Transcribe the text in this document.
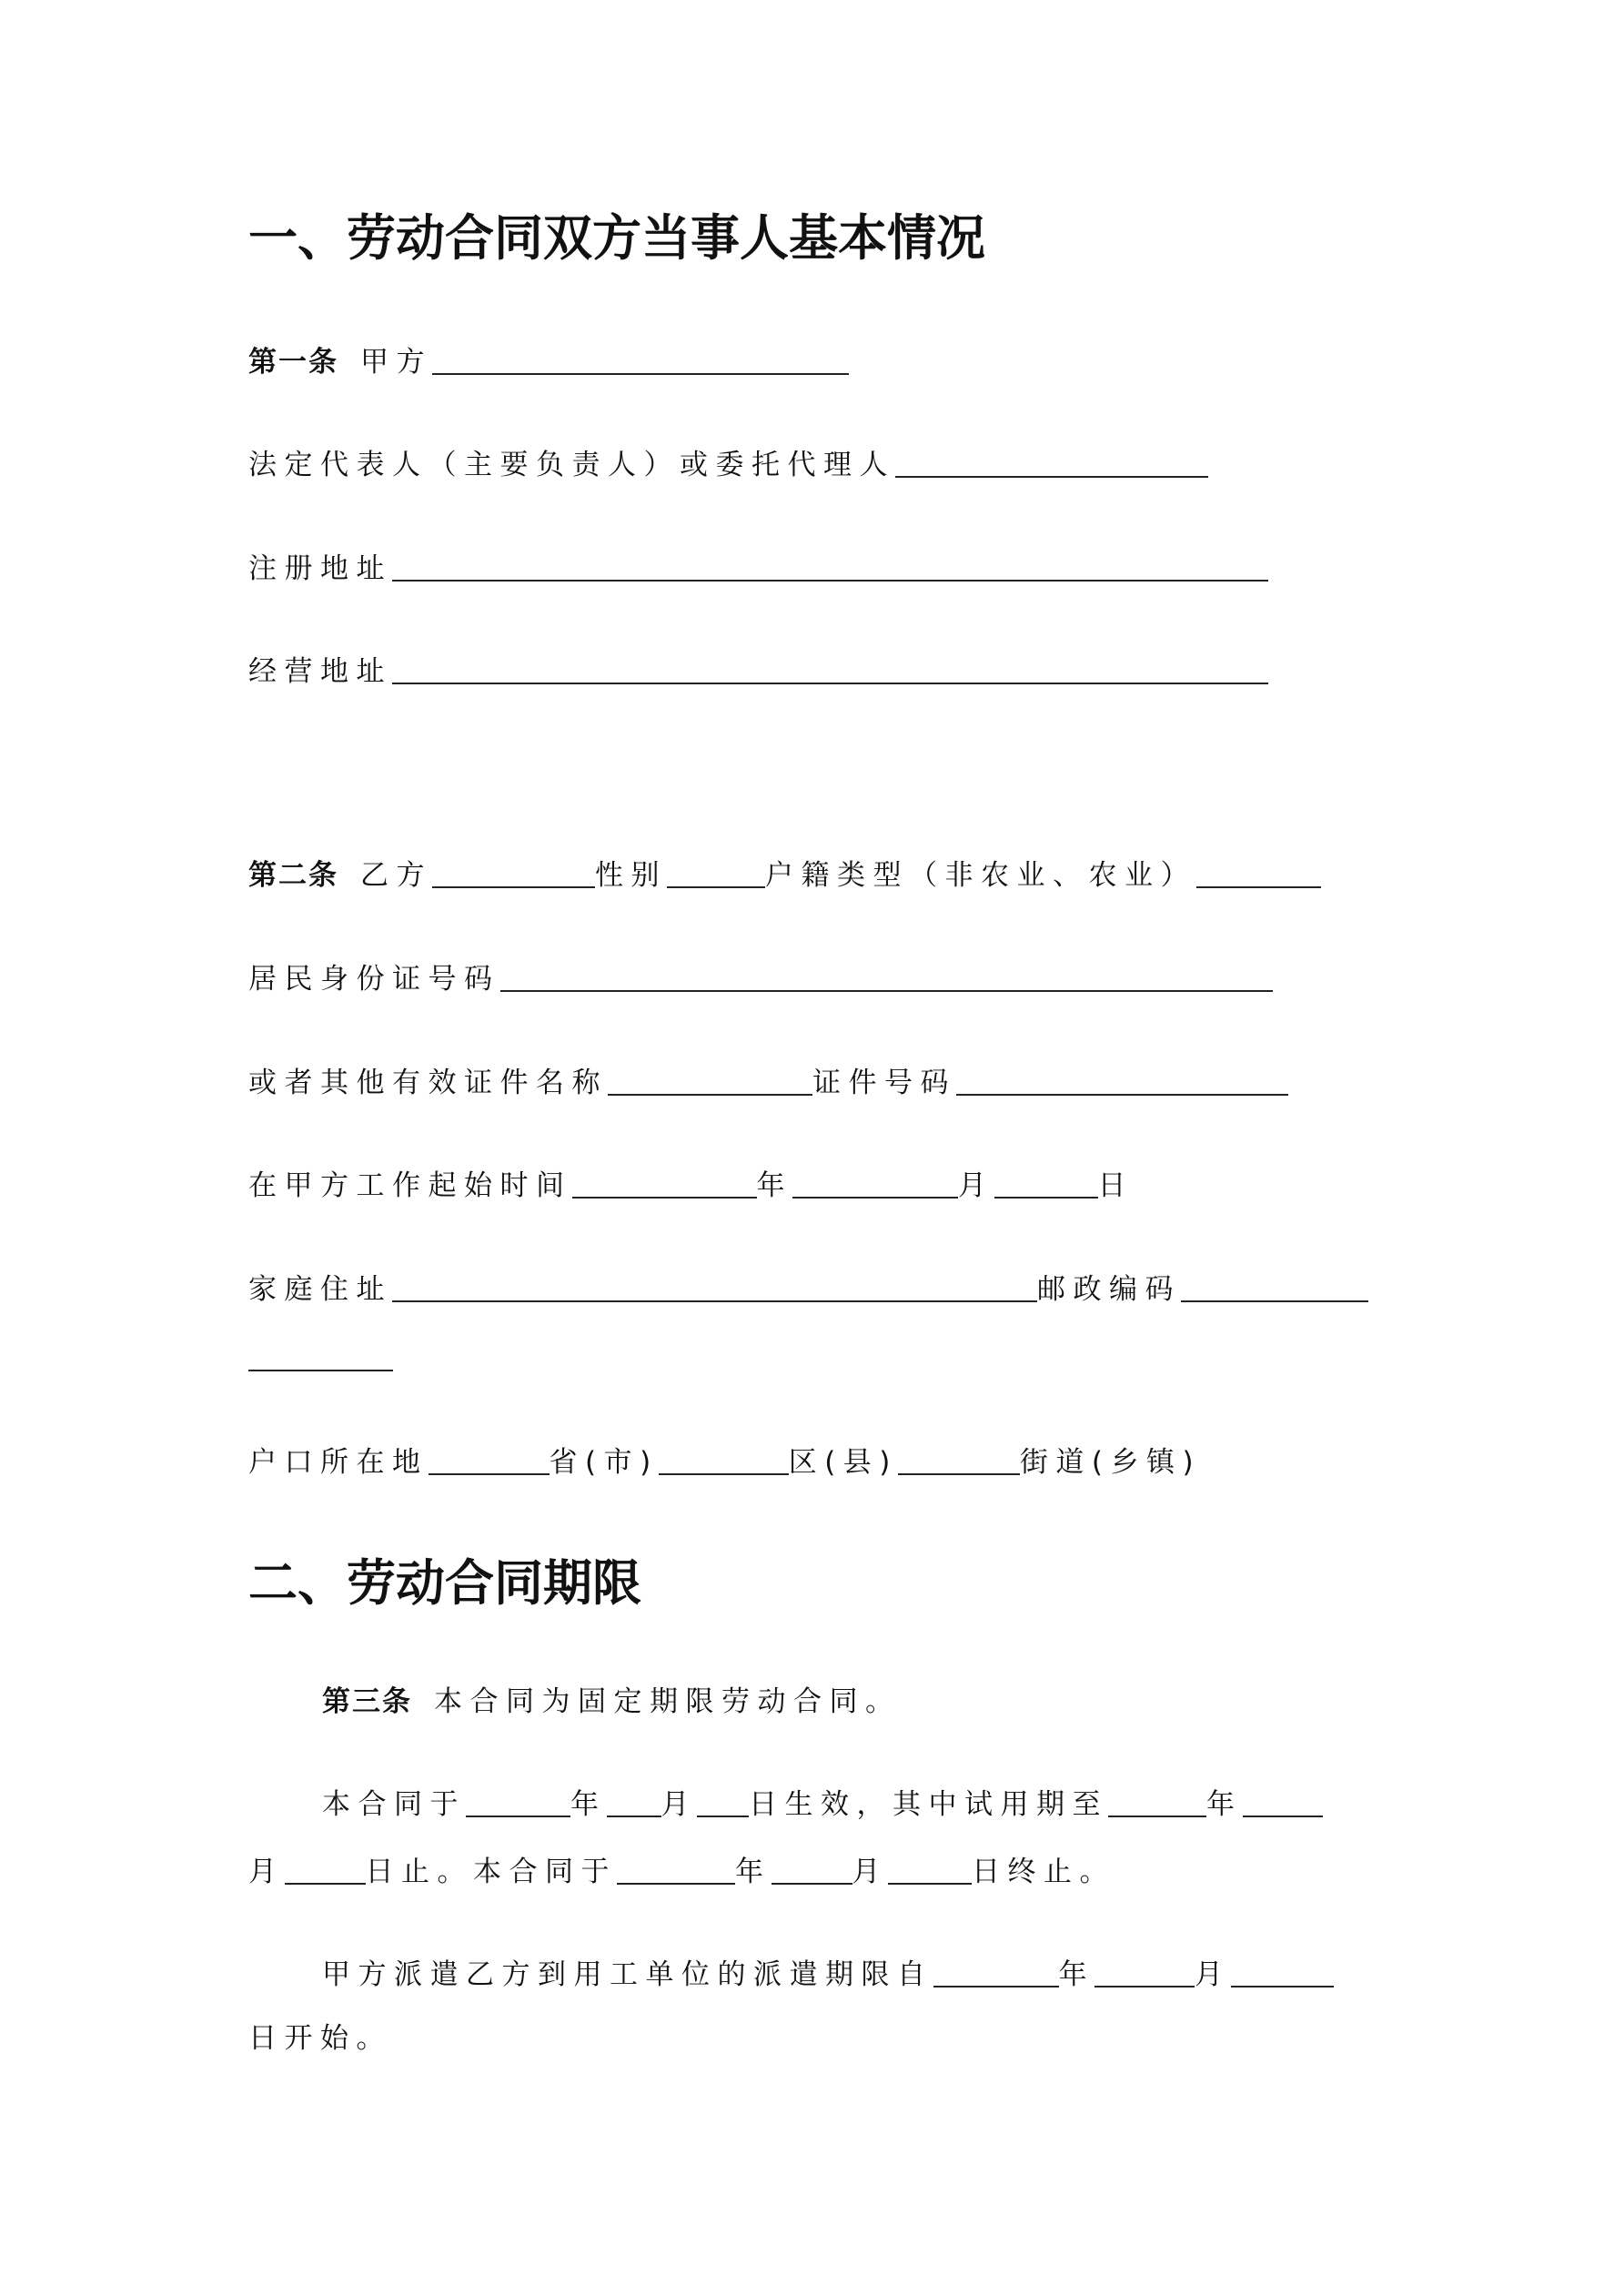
一、劳动合同双方当事人基本情况
第一条 甲方
法定代表人（主要负责人）或委托代理人
注册地址
经营地址
第二条 乙方	性别	户籍类型（非农业、农业）
居民身份证号码
或者其他有效证件名称	证件号码
在甲方工作起始时间	年	月	日
家庭住址	邮政编码
户口所在地	省(市)	区(县)	街道(乡镇)
二、劳动合同期限
第三条 本合同为固定期限劳动合同。
本合同于	年 月 日生效，其中试用期至	年
月	日止。本合同于	年	月	日终止。
甲方派遣乙方到用工单位的派遣期限自	年	月
日开始。
